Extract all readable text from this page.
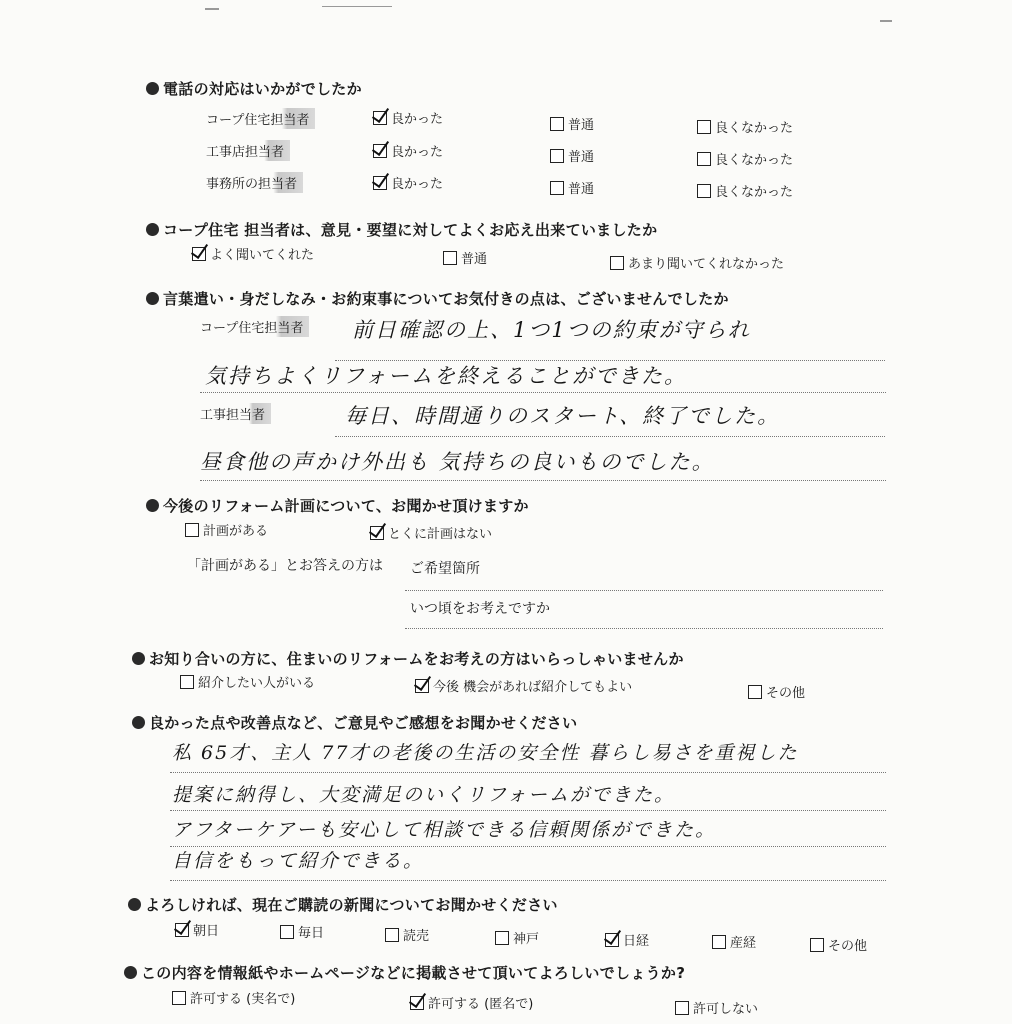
電話の対応はいかがでしたか
コープ住宅担当者	良かった	普通	良くなかった
工事店担当者	良かった	普通	良くなかった
事務所の担当者	良かった	普通	良くなかった
コープ住宅 担当者は、意見・要望に対してよくお応え出来ていましたか
よく聞いてくれた	普通	あまり聞いてくれなかった
言葉遣い・身だしなみ・お約束事についてお気付きの点は、ございませんでしたか
コープ住宅担当者 前日確認の上、1つ1つの約束が守られ
気持ちよくリフォームを終えることができた。
工事担当者	毎日、時間通りのスタート、終了でした。
昼食他の声かけ外出も 気持ちの良いものでした。
今後のリフォーム計画について、お聞かせ頂けますか
計画がある	とくに計画はない
「計画がある」とお答えの方は ご希望箇所
いつ頃をお考えですか
お知り合いの方に、住まいのリフォームをお考えの方はいらっしゃいませんか
紹介したい人がいる	今後 機会があれば紹介してもよい	その他
良かった点や改善点など、ご意見やご感想をお聞かせください
私 65才、主人 77才の老後の生活の安全性 暮らし易さを重視した
提案に納得し、大変満足のいくリフォームができた。
アフターケアーも安心して相談できる信頼関係ができた。
自信をもって紹介できる。
よろしければ、現在ご購読の新聞についてお聞かせください
朝日	毎日	読売	神戸	日経	産経	その他
この内容を情報紙やホームページなどに掲載させて頂いてよろしいでしょうか?
許可する (実名で)	許可する (匿名で)	許可しない
